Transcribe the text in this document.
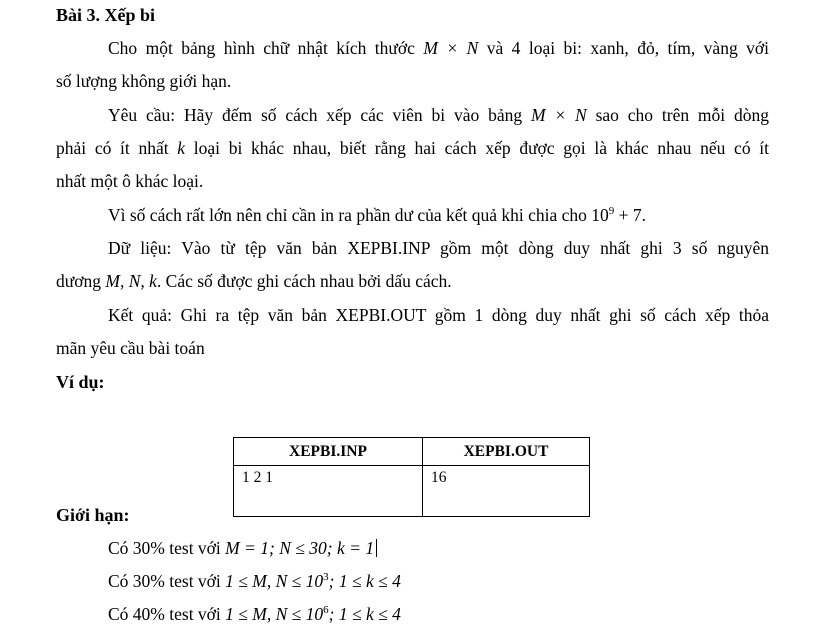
Bài 3. Xếp bi
Cho một bảng hình chữ nhật kích thước M × N và 4 loại bi: xanh, đỏ, tím, vàng với
số lượng không giới hạn.
Yêu cầu: Hãy đếm số cách xếp các viên bi vào bảng M × N sao cho trên mỗi dòng
phải có ít nhất k loại bi khác nhau, biết rằng hai cách xếp được gọi là khác nhau nếu có ít
nhất một ô khác loại.
Vì số cách rất lớn nên chỉ cần in ra phần dư của kết quả khi chia cho $10^9 + 7$.
Dữ liệu: Vào từ tệp văn bản XEPBI.INP gồm một dòng duy nhất ghi 3 số nguyên
dương M, N, k. Các số được ghi cách nhau bởi dấu cách.
Kết quả: Ghi ra tệp văn bản XEPBI.OUT gồm 1 dòng duy nhất ghi số cách xếp thỏa
mãn yêu cầu bài toán
Ví dụ:
XEPBI.INP	XEPBI.OUT
1 2 1	16
Giới hạn:
Có 30% test với M = 1; N ≤ 30; k = 1
Có 30% test với 1 ≤ M, $N \le 10^3$; 1 ≤ k ≤ 4
Có 40% test với 1 ≤ M, $N \le 10^6$; 1 ≤ k ≤ 4
